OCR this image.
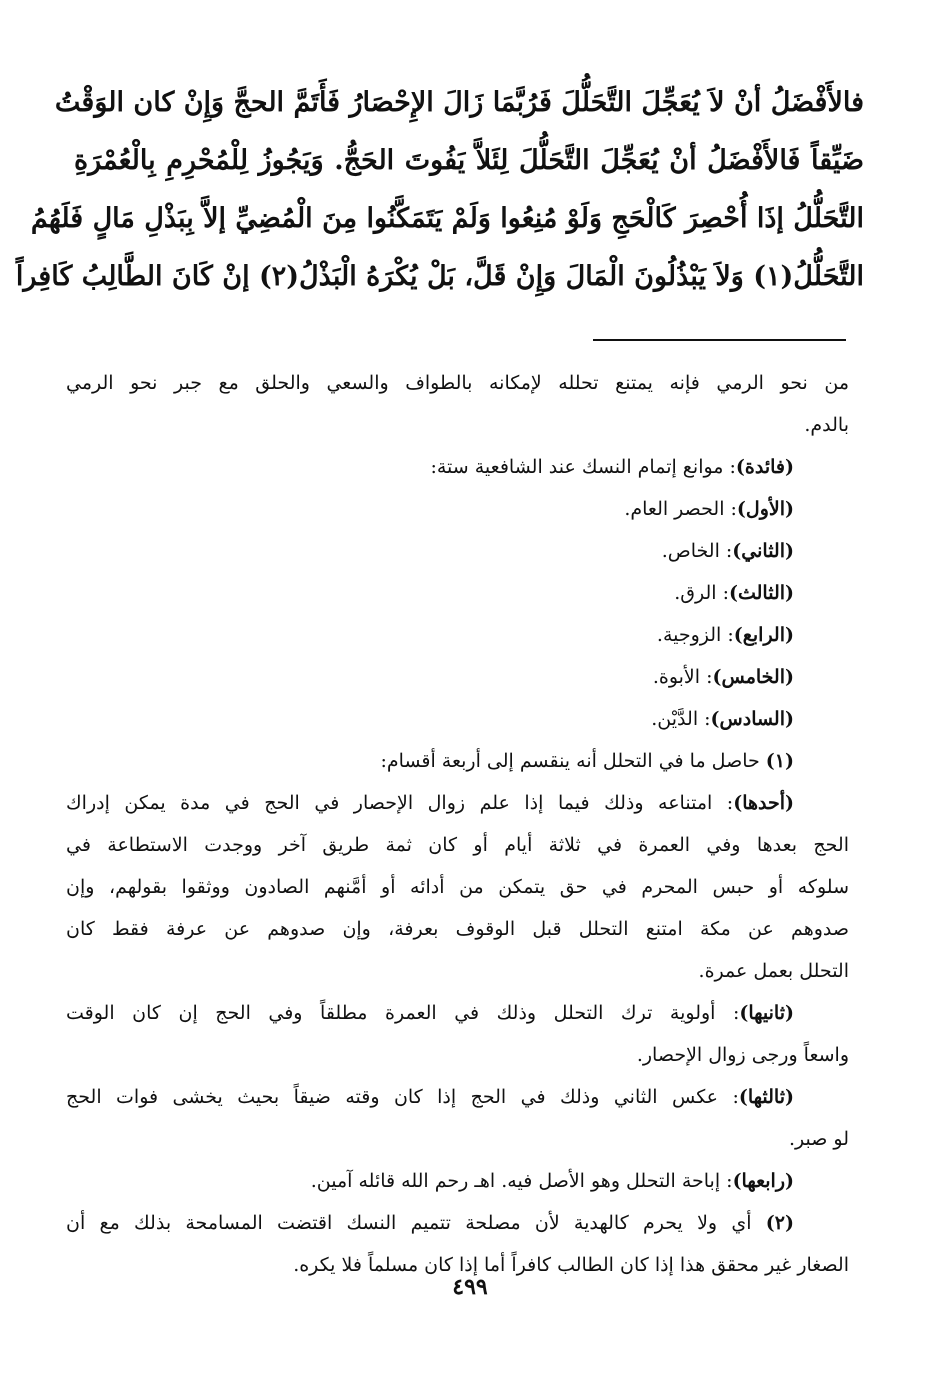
فالأَفْضَلُ أنْ لاَ يُعَجِّلَ التَّحَلُّلَ فَرُبَّمَا زَالَ الإِحْصَارُ فَأَتَمَّ الحجَّ وَإِنْ كان الوَقْتُ
ضَيِّقاً فَالأَفْضَلُ أنْ يُعَجِّلَ التَّحَلُّلَ لِئَلاَّ يَفُوتَ الحَجُّ. وَيَجُوزُ لِلْمُحْرِمِ بِالْعُمْرَةِ
التَّحَلُّلُ إذَا أُحْصِرَ كَالْحَجِ وَلَوْ مُنِعُوا وَلَمْ يَتَمَكَّنُوا مِنَ الْمُضِيِّ إلاَّ بِبَذْلِ مَالٍ فَلَهُمُ
التَّحَلُّلُ(١) وَلاَ يَبْذُلُونَ الْمَالَ وَإِنْ قَلَّ، بَلْ يُكْرَهُ الْبَذْلُ(٢) إنْ كَانَ الطَّالِبُ كَافِراً
من نحو الرمي فإنه يمتنع تحلله لإمكانه بالطواف والسعي والحلق مع جبر نحو الرمي
بالدم.
(فائدة): موانع إتمام النسك عند الشافعية ستة:
(الأول): الحصر العام.
(الثاني): الخاص.
(الثالث): الرق.
(الرابع): الزوجية.
(الخامس): الأبوة.
(السادس): الدَّيْن.
(١) حاصل ما في التحلل أنه ينقسم إلى أربعة أقسام:
(أحدها): امتناعه وذلك فيما إذا علم زوال الإحصار في الحج في مدة يمكن إدراك
الحج بعدها وفي العمرة في ثلاثة أيام أو كان ثمة طريق آخر ووجدت الاستطاعة في
سلوكه أو حبس المحرم في حق يتمكن من أدائه أو أمَّنهم الصادون ووثقوا بقولهم، وإن
صدوهم عن مكة امتنع التحلل قبل الوقوف بعرفة، وإن صدوهم عن عرفة فقط كان
التحلل بعمل عمرة.
(ثانيها): أولوية ترك التحلل وذلك في العمرة مطلقاً وفي الحج إن كان الوقت
واسعاً ورجى زوال الإحصار.
(ثالثها): عكس الثاني وذلك في الحج إذا كان وقته ضيقاً بحيث يخشى فوات الحج
لو صبر.
(رابعها): إباحة التحلل وهو الأصل فيه. اهـ رحم الله قائله آمين.
(٢) أي ولا يحرم كالهدية لأن مصلحة تتميم النسك اقتضت المسامحة بذلك مع أن
الصغار غير محقق هذا إذا كان الطالب كافراً أما إذا كان مسلماً فلا يكره.
٤٩٩
